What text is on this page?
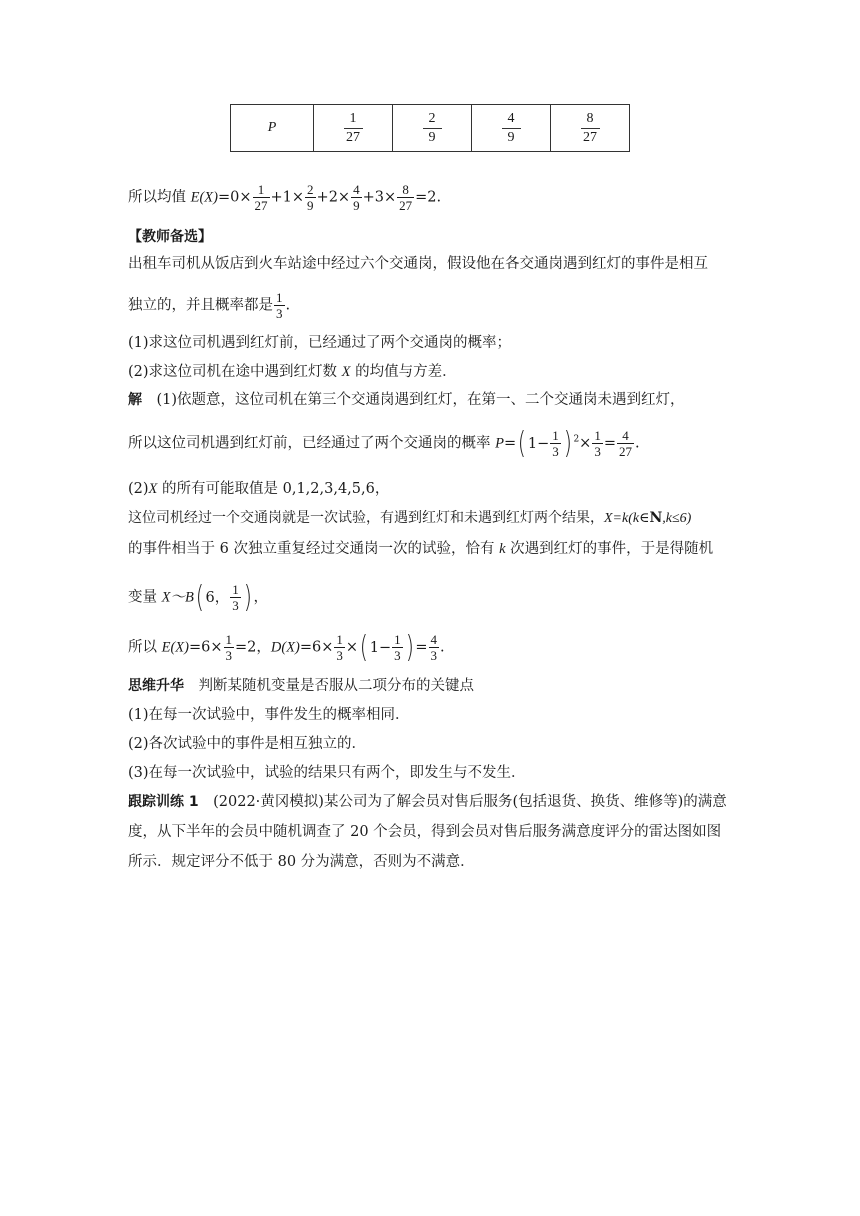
P	$\frac{1}{27}$	$\frac{2}{9}$	$\frac{4}{9}$	$\frac{8}{27}$
所以均值 $E(X)=0\times \frac{1}{27} +1\times \frac{2}{9} +2\times \frac{4}{9} +3\times \frac{8}{27} =2$.
【教师备选】
出租车司机从饭店到火车站途中经过六个交通岗，假设他在各交通岗遇到红灯的事件是相互
独立的，并且概率都是 $\frac{1}{3}$ .
(1)求这位司机遇到红灯前，已经通过了两个交通岗的概率；
(2)求这位司机在途中遇到红灯数 X 的均值与方差．
解　(1)依题意，这位司机在第三个交通岗遇到红灯，在第一、二个交通岗未遇到红灯，
所以这位司机遇到红灯前，已经通过了两个交通岗的概率 P= ( $1- \frac{1}{3}$ ) $^2\times \frac{1}{3} = \frac{4}{27}$ .
(2)X 的所有可能取值是 0,1,2,3,4,5,6，
这位司机经过一个交通岗就是一次试验，有遇到红灯和未遇到红灯两个结果，X=k(k∈N,k≤6)
的事件相当于 6 次独立重复经过交通岗一次的试验，恰有 k 次遇到红灯的事件，于是得随机
变量 X～B ( 6， $\frac{1}{3}$ ) ，
所以 $E(X)=6\times \frac{1}{3} =2$，$D(X)=6\times \frac{1}{3}$ × ( $1- \frac{1}{3}$ ) = $\frac{4}{3}$ .
思维升华　判断某随机变量是否服从二项分布的关键点
(1)在每一次试验中，事件发生的概率相同．
(2)各次试验中的事件是相互独立的．
(3)在每一次试验中，试验的结果只有两个，即发生与不发生．
跟踪训练 1　(2022·黄冈模拟)某公司为了解会员对售后服务(包括退货、换货、维修等)的满意
度，从下半年的会员中随机调查了 20 个会员，得到会员对售后服务满意度评分的雷达图如图
所示．规定评分不低于 80 分为满意，否则为不满意．
